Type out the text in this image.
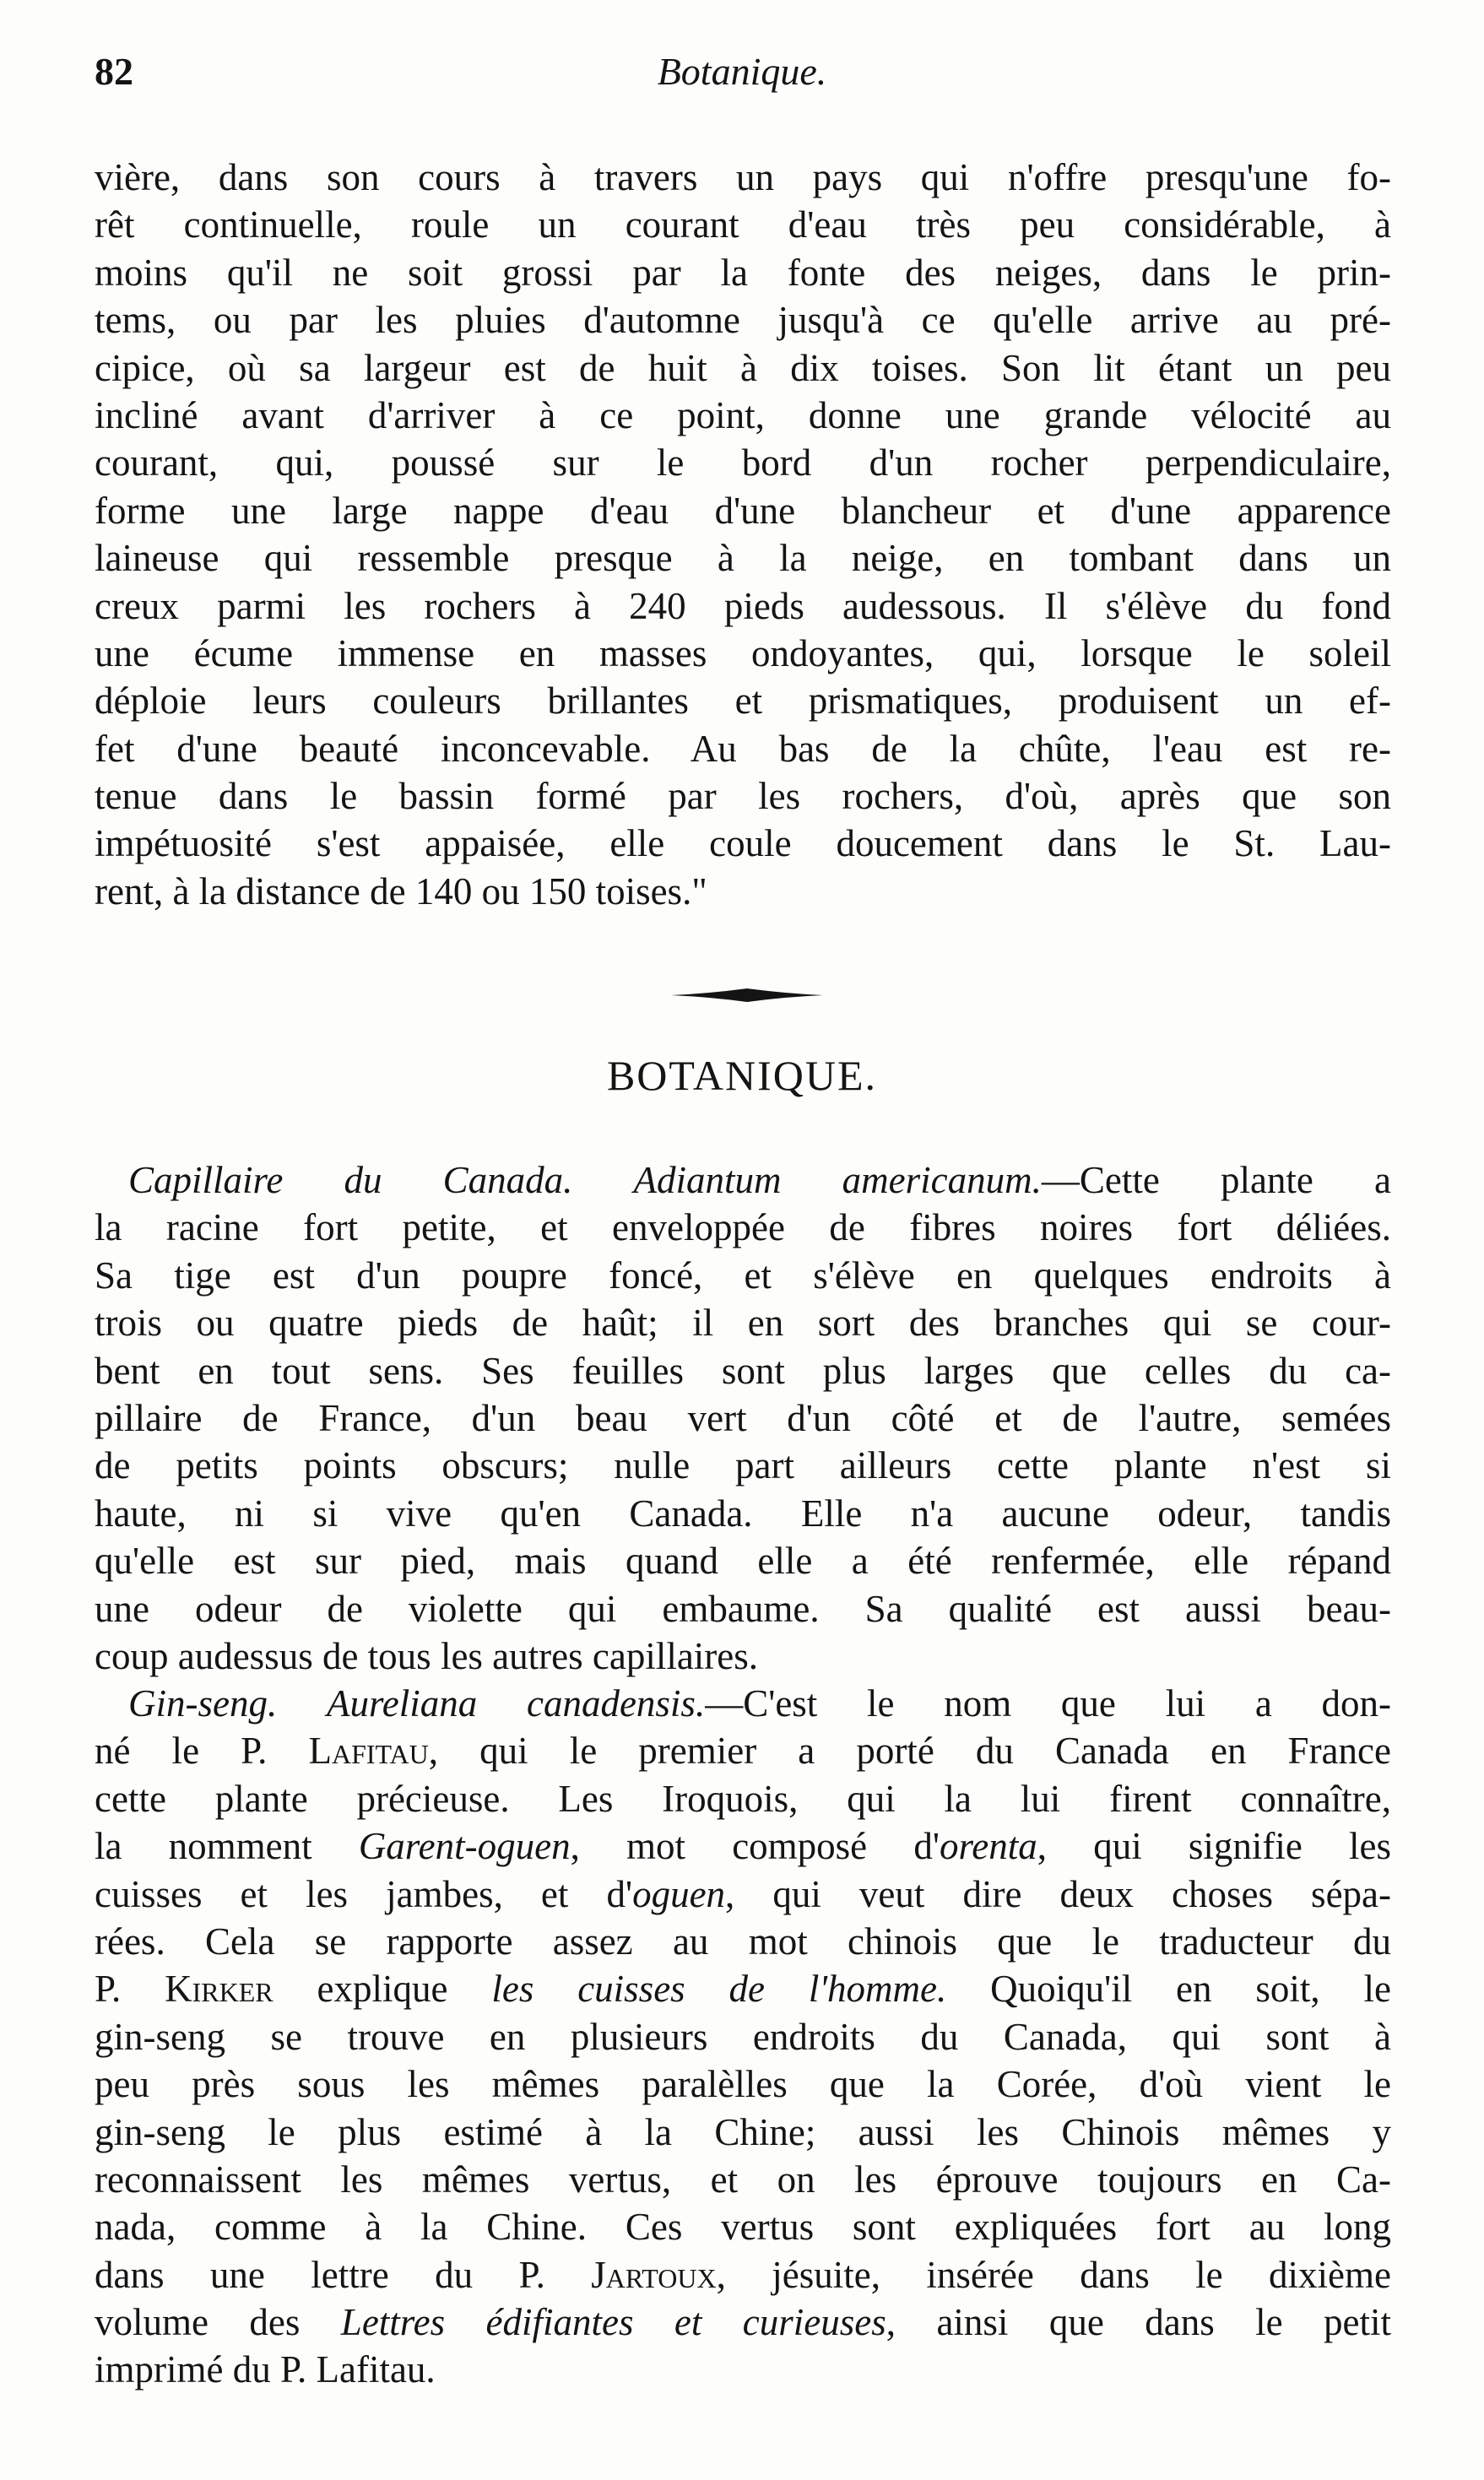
82	Botanique.
vière, dans son cours à travers un pays qui n'offre presqu'une fo-
rêt continuelle, roule un courant d'eau très peu considérable, à
moins qu'il ne soit grossi par la fonte des neiges, dans le prin-
tems, ou par les pluies d'automne jusqu'à ce qu'elle arrive au pré-
cipice, où sa largeur est de huit à dix toises. Son lit étant un peu
incliné avant d'arriver à ce point, donne une grande vélocité au
courant, qui, poussé sur le bord d'un rocher perpendiculaire,
forme une large nappe d'eau d'une blancheur et d'une apparence
laineuse qui ressemble presque à la neige, en tombant dans un
creux parmi les rochers à 240 pieds audessous. Il s'élève du fond
une écume immense en masses ondoyantes, qui, lorsque le soleil
déploie leurs couleurs brillantes et prismatiques, produisent un ef-
fet d'une beauté inconcevable. Au bas de la chûte, l'eau est re-
tenue dans le bassin formé par les rochers, d'où, après que son
impétuosité s'est appaisée, elle coule doucement dans le St. Lau-
rent, à la distance de 140 ou 150 toises."
BOTANIQUE.
Capillaire du Canada. Adiantum americanum.—Cette plante a
la racine fort petite, et enveloppée de fibres noires fort déliées.
Sa tige est d'un poupre foncé, et s'élève en quelques endroits à
trois ou quatre pieds de haût; il en sort des branches qui se cour-
bent en tout sens. Ses feuilles sont plus larges que celles du ca-
pillaire de France, d'un beau vert d'un côté et de l'autre, semées
de petits points obscurs; nulle part ailleurs cette plante n'est si
haute, ni si vive qu'en Canada. Elle n'a aucune odeur, tandis
qu'elle est sur pied, mais quand elle a été renfermée, elle répand
une odeur de violette qui embaume. Sa qualité est aussi beau-
coup audessus de tous les autres capillaires.
Gin-seng. Aureliana canadensis.—C'est le nom que lui a don-
né le P. Lafitau, qui le premier a porté du Canada en France
cette plante précieuse. Les Iroquois, qui la lui firent connaître,
la nomment Garent-oguen, mot composé d'orenta, qui signifie les
cuisses et les jambes, et d'oguen, qui veut dire deux choses sépa-
rées. Cela se rapporte assez au mot chinois que le traducteur du
P. Kirker explique les cuisses de l'homme. Quoiqu'il en soit, le
gin-seng se trouve en plusieurs endroits du Canada, qui sont à
peu près sous les mêmes paralèlles que la Corée, d'où vient le
gin-seng le plus estimé à la Chine; aussi les Chinois mêmes y
reconnaissent les mêmes vertus, et on les éprouve toujours en Ca-
nada, comme à la Chine. Ces vertus sont expliquées fort au long
dans une lettre du P. Jartoux, jésuite, insérée dans le dixième
volume des Lettres édifiantes et curieuses, ainsi que dans le petit
imprimé du P. Lafitau.
